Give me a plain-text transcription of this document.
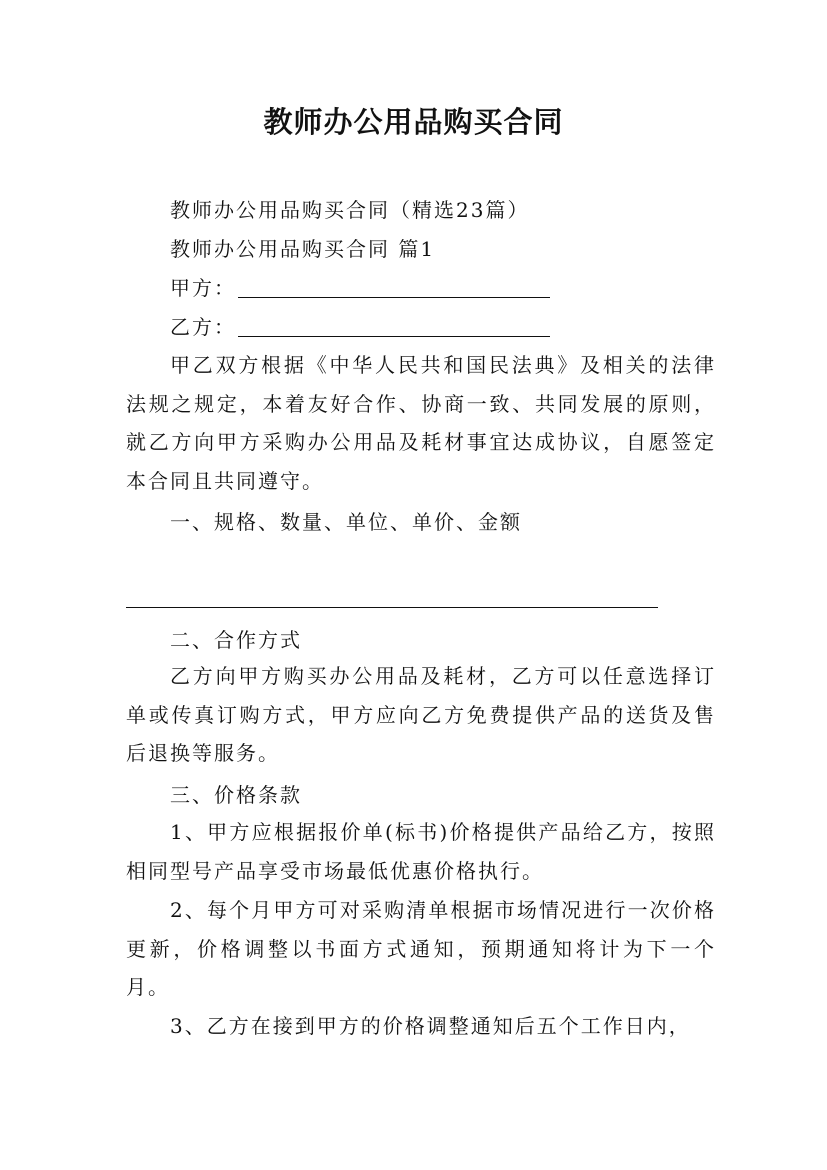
教师办公用品购买合同
教师办公用品购买合同（精选23篇）
教师办公用品购买合同 篇1
甲方：
乙方：
甲乙双方根据《中华人民共和国民法典》及相关的法律法规之规定，本着友好合作、协商一致、共同发展的原则，就乙方向甲方采购办公用品及耗材事宜达成协议，自愿签定本合同且共同遵守。
一、规格、数量、单位、单价、金额
二、合作方式
乙方向甲方购买办公用品及耗材，乙方可以任意选择订单或传真订购方式，甲方应向乙方免费提供产品的送货及售后退换等服务。
三、价格条款
1、甲方应根据报价单(标书)价格提供产品给乙方，按照相同型号产品享受市场最低优惠价格执行。
2、每个月甲方可对采购清单根据市场情况进行一次价格更新，价格调整以书面方式通知，预期通知将计为下一个月。
3、乙方在接到甲方的价格调整通知后五个工作日内，
